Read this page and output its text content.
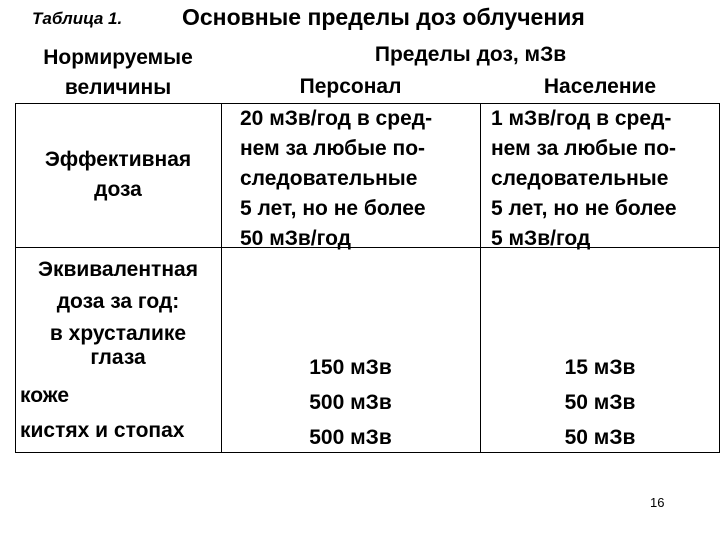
Таблица 1.	Основные пределы доз облучения
Нормируемые
величины
Пределы доз, мЗв
Персонал	Население
Эффективная
доза
20 мЗв/год в сред-
нем за любые по-
следовательные
5 лет, но не более
50 мЗв/год
1 мЗв/год в сред-
нем за любые по-
следовательные
5 лет, но не более
5 мЗв/год
Эквивалентная
доза за год:
в хрусталике
глаза
коже
кистях и стопах
150 мЗв
500 мЗв
500 мЗв
15 мЗв
50 мЗв
50 мЗв
16
